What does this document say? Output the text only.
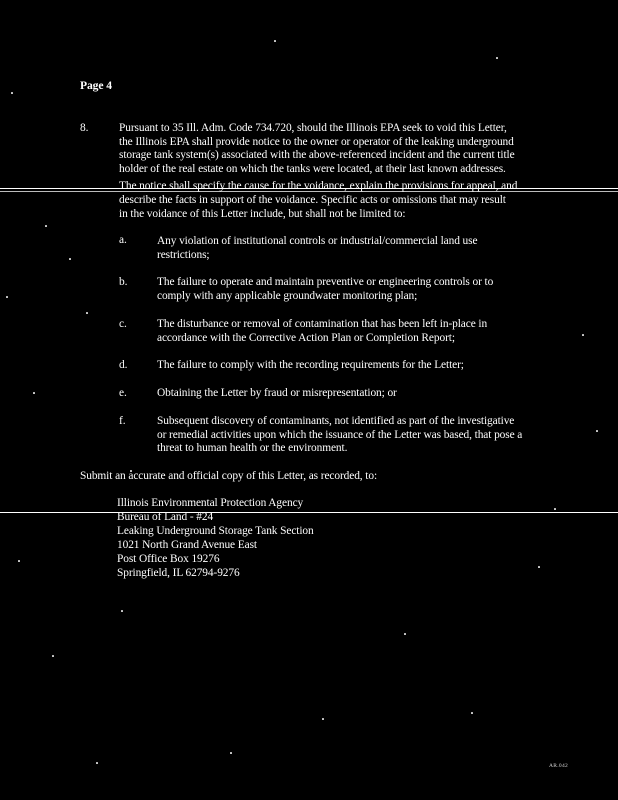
Page 4
8.	Pursuant to 35 Ill. Adm. Code 734.720, should the Illinois EPA seek to void this Letter,
the Illinois EPA shall provide notice to the owner or operator of the leaking underground
storage tank system(s) associated with the above-referenced incident and the current title
holder of the real estate on which the tanks were located, at their last known addresses.
The notice shall specify the cause for the voidance, explain the provisions for appeal, and
describe the facts in support of the voidance. Specific acts or omissions that may result
in the voidance of this Letter include, but shall not be limited to:
a.	Any violation of institutional controls or industrial/commercial land use
restrictions;
b.	The failure to operate and maintain preventive or engineering controls or to
comply with any applicable groundwater monitoring plan;
c.	The disturbance or removal of contamination that has been left in-place in
accordance with the Corrective Action Plan or Completion Report;
d.	The failure to comply with the recording requirements for the Letter;
e.	Obtaining the Letter by fraud or misrepresentation; or
f.	Subsequent discovery of contaminants, not identified as part of the investigative
or remedial activities upon which the issuance of the Letter was based, that pose a
threat to human health or the environment.
Submit an accurate and official copy of this Letter, as recorded, to:
Illinois Environmental Protection Agency
Bureau of Land - #24
Leaking Underground Storage Tank Section
1021 North Grand Avenue East
Post Office Box 19276
Springfield, IL 62794-9276
AR.042
